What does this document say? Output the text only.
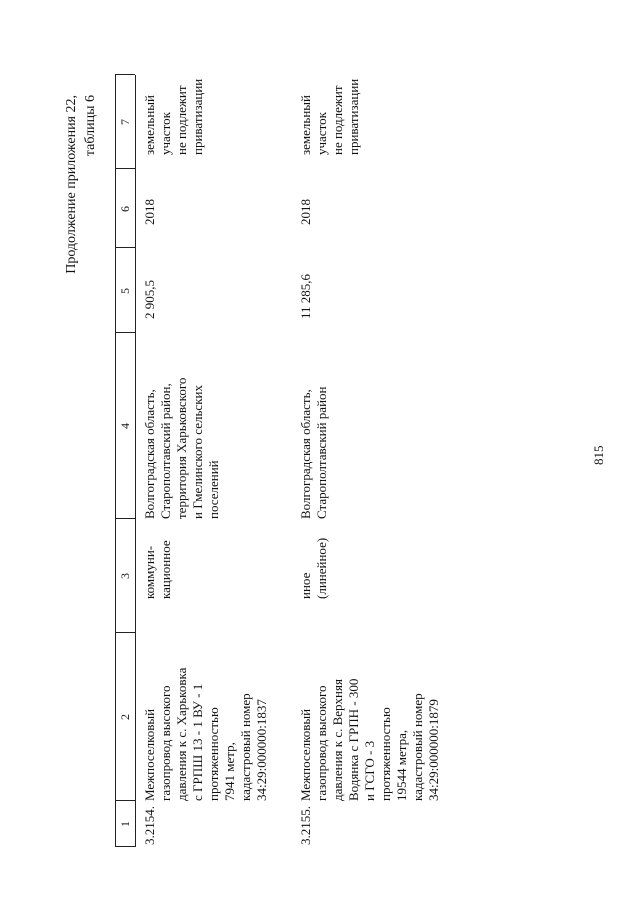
815
Продолжение приложения 22, таблицы 6
1
2
3
4
5
6
7
3.2154.
Межпоселковый
газопровод высокого
давления к с. Харьковка
с ГРПШ 13 - 1 ВУ - 1
протяженностью
7941 метр,
кадастровый номер
34:29:000000:1837
коммуни-
кационное
Волгоградская область,
Старополтавский район,
территория Харьковского
и Гмелинского сельских
поселений
2 905,5
2018
земельный
участок
не подлежит
приватизации
3.2155.
Межпоселковый
газопровод высокого
давления к с. Верхняя
Водянка с ГРПН - 300
и ГСГО - 3
протяженностью
19544 метра,
кадастровый номер
34:29:000000:1879
иное
(линейное)
Волгоградская область,
Старополтавский район
11 285,6
2018
земельный
участок
не подлежит
приватизации
